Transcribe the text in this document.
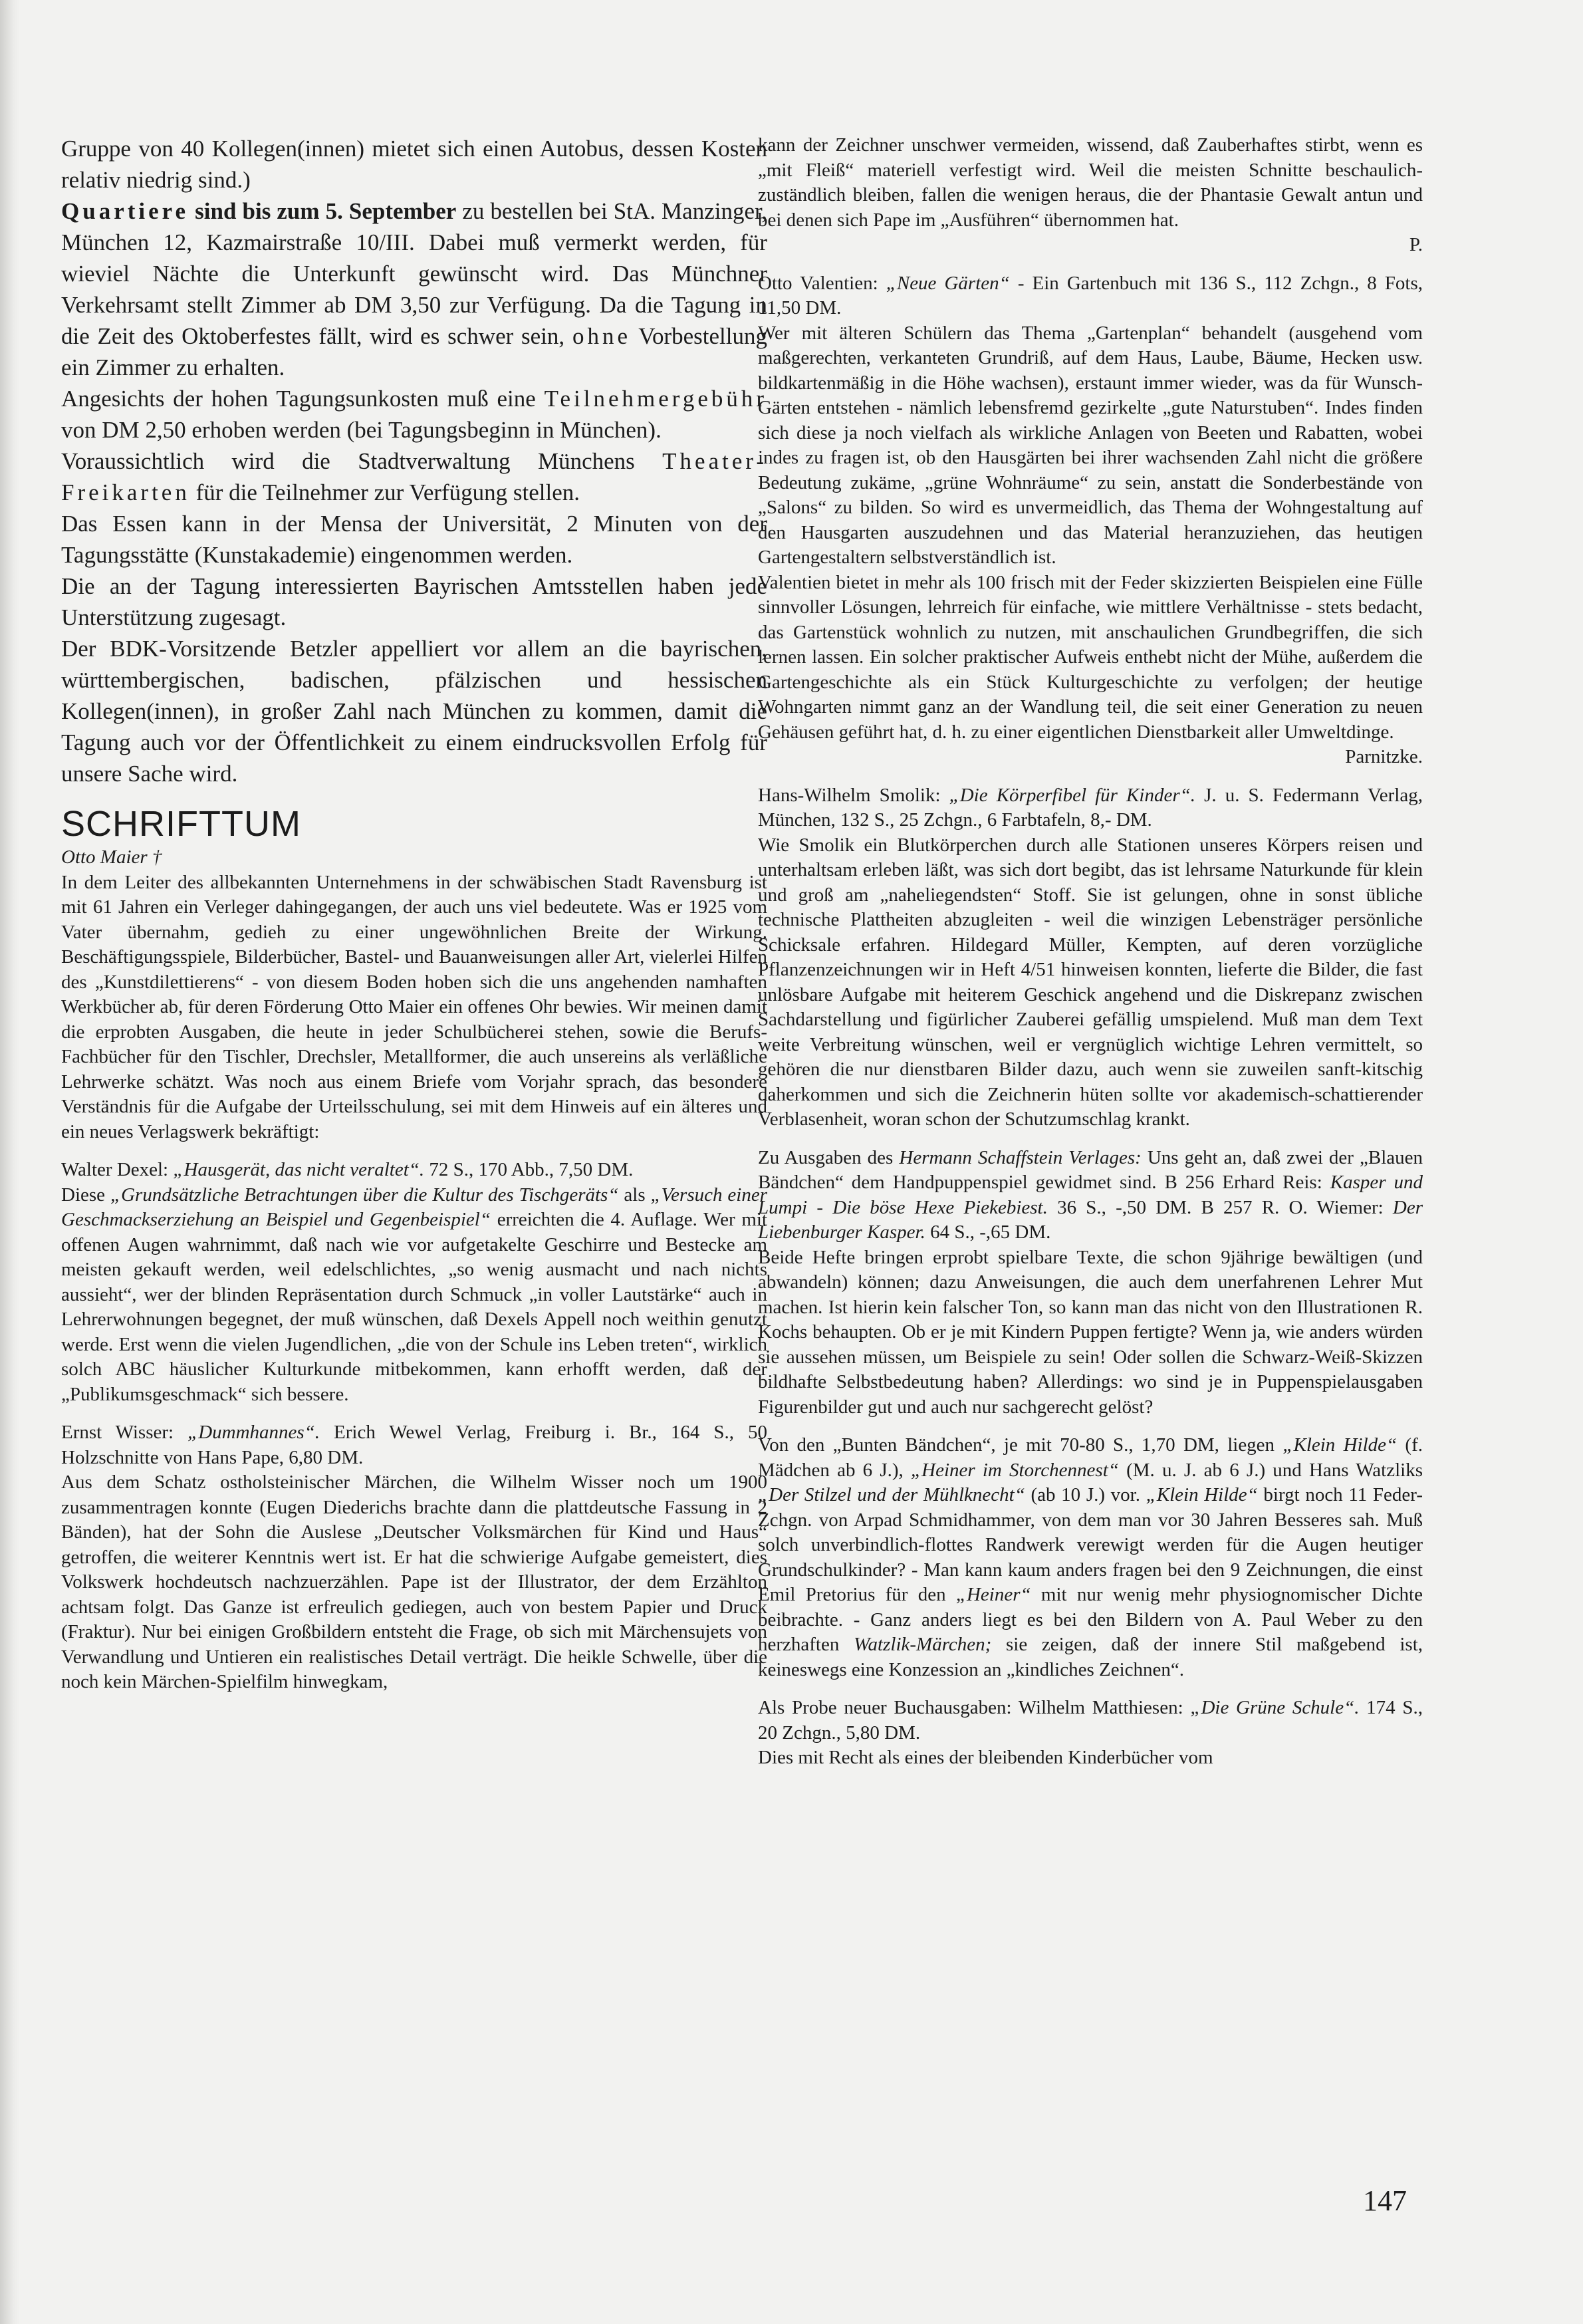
Gruppe von 40 Kollegen(innen) mietet sich einen Autobus, dessen Kosten relativ niedrig sind.)

Quartiere sind bis zum 5. September zu bestellen bei StA. Manzinger, München 12, Kazmairstraße 10/III. Dabei muß vermerkt werden, für wieviel Nächte die Unterkunft gewünscht wird. Das Münchner Verkehrsamt stellt Zimmer ab DM 3,50 zur Verfügung. Da die Tagung in die Zeit des Oktoberfestes fällt, wird es schwer sein, ohne Vorbestellung ein Zimmer zu erhalten.

Angesichts der hohen Tagungsunkosten muß eine Teilnehmergebühr von DM 2,50 erhoben werden (bei Tagungsbeginn in München).

Voraussichtlich wird die Stadtverwaltung Münchens Theater-Freikarten für die Teilnehmer zur Verfügung stellen.

Das Essen kann in der Mensa der Universität, 2 Minuten von der Tagungsstätte (Kunstakademie) eingenommen werden.

Die an der Tagung interessierten Bayrischen Amtsstellen haben jede Unterstützung zugesagt.

Der BDK-Vorsitzende Betzler appelliert vor allem an die bayrischen, württembergischen, badischen, pfälzischen und hessischen Kollegen(innen), in großer Zahl nach München zu kommen, damit die Tagung auch vor der Öffentlichkeit zu einem eindrucksvollen Erfolg für unsere Sache wird.

SCHRIFTTUM

Otto Maier †

In dem Leiter des allbekannten Unternehmens in der schwäbischen Stadt Ravensburg ist mit 61 Jahren ein Verleger dahingegangen, der auch uns viel bedeutete. Was er 1925 vom Vater übernahm, gedieh zu einer ungewöhnlichen Breite der Wirkung. Beschäftigungsspiele, Bilderbücher, Bastel- und Bauanweisungen aller Art, vielerlei Hilfen des „Kunstdilettierens“ - von diesem Boden hoben sich die uns angehenden namhaften Werkbücher ab, für deren Förderung Otto Maier ein offenes Ohr bewies. Wir meinen damit die erprobten Ausgaben, die heute in jeder Schulbücherei stehen, sowie die Berufs-Fachbücher für den Tischler, Drechsler, Metallformer, die auch unsereins als verläßliche Lehrwerke schätzt. Was noch aus einem Briefe vom Vorjahr sprach, das besondere Verständnis für die Aufgabe der Urteilsschulung, sei mit dem Hinweis auf ein älteres und ein neues Verlagswerk bekräftigt:

Walter Dexel: „Hausgerät, das nicht veraltet“. 72 S., 170 Abb., 7,50 DM.

Diese „Grundsätzliche Betrachtungen über die Kultur des Tischgeräts“ als „Versuch einer Geschmackserziehung an Beispiel und Gegenbeispiel“ erreichten die 4. Auflage. Wer mit offenen Augen wahrnimmt, daß nach wie vor aufgetakelte Geschirre und Bestecke am meisten gekauft werden, weil edelschlichtes, „so wenig ausmacht und nach nichts aussieht“, wer der blinden Repräsentation durch Schmuck „in voller Lautstärke“ auch in Lehrerwohnungen begegnet, der muß wünschen, daß Dexels Appell noch weithin genutzt werde. Erst wenn die vielen Jugendlichen, „die von der Schule ins Leben treten“, wirklich solch ABC häuslicher Kulturkunde mitbekommen, kann erhofft werden, daß der „Publikumsgeschmack“ sich bessere.

Ernst Wisser: „Dummhannes“. Erich Wewel Verlag, Freiburg i. Br., 164 S., 50 Holzschnitte von Hans Pape, 6,80 DM.

Aus dem Schatz ostholsteinischer Märchen, die Wilhelm Wisser noch um 1900 zusammentragen konnte (Eugen Diederichs brachte dann die plattdeutsche Fassung in 2 Bänden), hat der Sohn die Auslese „Deutscher Volksmärchen für Kind und Haus“ getroffen, die weiterer Kenntnis wert ist. Er hat die schwierige Aufgabe gemeistert, dies Volkswerk hochdeutsch nachzuerzählen. Pape ist der Illustrator, der dem Erzählton achtsam folgt. Das Ganze ist erfreulich gediegen, auch von bestem Papier und Druck (Fraktur). Nur bei einigen Großbildern entsteht die Frage, ob sich mit Märchensujets von Verwandlung und Untieren ein realistisches Detail verträgt. Die heikle Schwelle, über die noch kein Märchen-Spielfilm hinwegkam,

kann der Zeichner unschwer vermeiden, wissend, daß Zauberhaftes stirbt, wenn es „mit Fleiß“ materiell verfestigt wird. Weil die meisten Schnitte beschaulich-zuständlich bleiben, fallen die wenigen heraus, die der Phantasie Gewalt antun und bei denen sich Pape im „Ausführen“ übernommen hat.

P.

Otto Valentien: „Neue Gärten“ - Ein Gartenbuch mit 136 S., 112 Zchgn., 8 Fots, 11,50 DM.

Wer mit älteren Schülern das Thema „Gartenplan“ behandelt (ausgehend vom maßgerechten, verkanteten Grundriß, auf dem Haus, Laube, Bäume, Hecken usw. bildkartenmäßig in die Höhe wachsen), erstaunt immer wieder, was da für Wunsch-Gärten entstehen - nämlich lebensfremd gezirkelte „gute Naturstuben“. Indes finden sich diese ja noch vielfach als wirkliche Anlagen von Beeten und Rabatten, wobei indes zu fragen ist, ob den Hausgärten bei ihrer wachsenden Zahl nicht die größere Bedeutung zukäme, „grüne Wohnräume“ zu sein, anstatt die Sonderbestände von „Salons“ zu bilden. So wird es unvermeidlich, das Thema der Wohngestaltung auf den Hausgarten auszudehnen und das Material heranzuziehen, das heutigen Gartengestaltern selbstverständlich ist.

Valentien bietet in mehr als 100 frisch mit der Feder skizzierten Beispielen eine Fülle sinnvoller Lösungen, lehrreich für einfache, wie mittlere Verhältnisse - stets bedacht, das Gartenstück wohnlich zu nutzen, mit anschaulichen Grundbegriffen, die sich lernen lassen. Ein solcher praktischer Aufweis enthebt nicht der Mühe, außerdem die Gartengeschichte als ein Stück Kulturgeschichte zu verfolgen; der heutige Wohngarten nimmt ganz an der Wandlung teil, die seit einer Generation zu neuen Gehäusen geführt hat, d. h. zu einer eigentlichen Dienstbarkeit aller Umweltdinge.

Parnitzke.

Hans-Wilhelm Smolik: „Die Körperfibel für Kinder“. J. u. S. Federmann Verlag, München, 132 S., 25 Zchgn., 6 Farbtafeln, 8,- DM.

Wie Smolik ein Blutkörperchen durch alle Stationen unseres Körpers reisen und unterhaltsam erleben läßt, was sich dort begibt, das ist lehrsame Naturkunde für klein und groß am „naheliegendsten“ Stoff. Sie ist gelungen, ohne in sonst übliche technische Plattheiten abzugleiten - weil die winzigen Lebensträger persönliche Schicksale erfahren. Hildegard Müller, Kempten, auf deren vorzügliche Pflanzenzeichnungen wir in Heft 4/51 hinweisen konnten, lieferte die Bilder, die fast unlösbare Aufgabe mit heiterem Geschick angehend und die Diskrepanz zwischen Sachdarstellung und figürlicher Zauberei gefällig umspielend. Muß man dem Text weite Verbreitung wünschen, weil er vergnüglich wichtige Lehren vermittelt, so gehören die nur dienstbaren Bilder dazu, auch wenn sie zuweilen sanft-kitschig daherkommen und sich die Zeichnerin hüten sollte vor akademisch-schattierender Verblasenheit, woran schon der Schutzumschlag krankt.

Zu Ausgaben des Hermann Schaffstein Verlages: Uns geht an, daß zwei der „Blauen Bändchen“ dem Handpuppenspiel gewidmet sind. B 256 Erhard Reis: Kasper und Lumpi - Die böse Hexe Piekebiest. 36 S., -,50 DM. B 257 R. O. Wiemer: Der Liebenburger Kasper. 64 S., -,65 DM.

Beide Hefte bringen erprobt spielbare Texte, die schon 9jährige bewältigen (und abwandeln) können; dazu Anweisungen, die auch dem unerfahrenen Lehrer Mut machen. Ist hierin kein falscher Ton, so kann man das nicht von den Illustrationen R. Kochs behaupten. Ob er je mit Kindern Puppen fertigte? Wenn ja, wie anders würden sie aussehen müssen, um Beispiele zu sein! Oder sollen die Schwarz-Weiß-Skizzen bildhafte Selbstbedeutung haben? Allerdings: wo sind je in Puppenspielausgaben Figurenbilder gut und auch nur sachgerecht gelöst?

Von den „Bunten Bändchen“, je mit 70-80 S., 1,70 DM, liegen „Klein Hilde“ (f. Mädchen ab 6 J.), „Heiner im Storchennest“ (M. u. J. ab 6 J.) und Hans Watzliks „Der Stilzel und der Mühlknecht“ (ab 10 J.) vor. „Klein Hilde“ birgt noch 11 Feder-Zchgn. von Arpad Schmidhammer, von dem man vor 30 Jahren Besseres sah. Muß solch unverbindlich-flottes Randwerk verewigt werden für die Augen heutiger Grundschulkinder? - Man kann kaum anders fragen bei den 9 Zeichnungen, die einst Emil Pretorius für den „Heiner“ mit nur wenig mehr physiognomischer Dichte beibrachte. - Ganz anders liegt es bei den Bildern von A. Paul Weber zu den herzhaften Watzlik-Märchen; sie zeigen, daß der innere Stil maßgebend ist, keineswegs eine Konzession an „kindliches Zeichnen“.

Als Probe neuer Buchausgaben: Wilhelm Matthiesen: „Die Grüne Schule“. 174 S., 20 Zchgn., 5,80 DM.

Dies mit Recht als eines der bleibenden Kinderbücher vom

147
